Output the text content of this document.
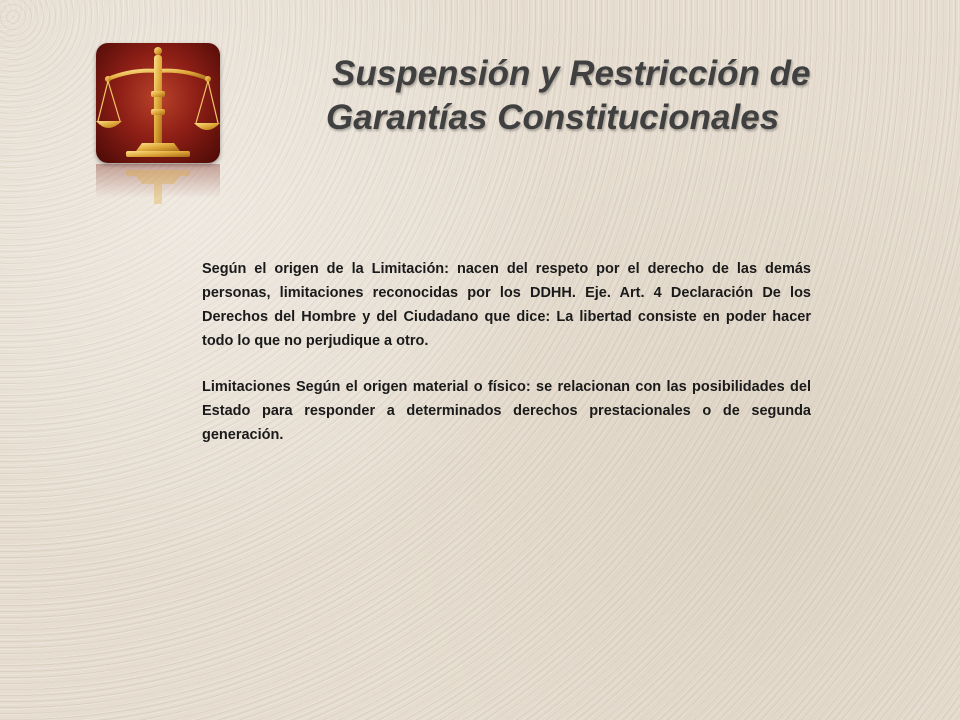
Suspensión y Restricción de
Garantías Constitucionales

Según el origen de la Limitación: nacen del respeto por el derecho de las demás personas, limitaciones reconocidas por los DDHH. Eje. Art. 4 Declaración De los Derechos del Hombre y del Ciudadano que dice: La libertad consiste en poder hacer todo lo que no perjudique a otro.

Limitaciones Según el origen material o físico: se relacionan con las posibilidades del Estado para responder a determinados derechos prestacionales o de segunda generación.
